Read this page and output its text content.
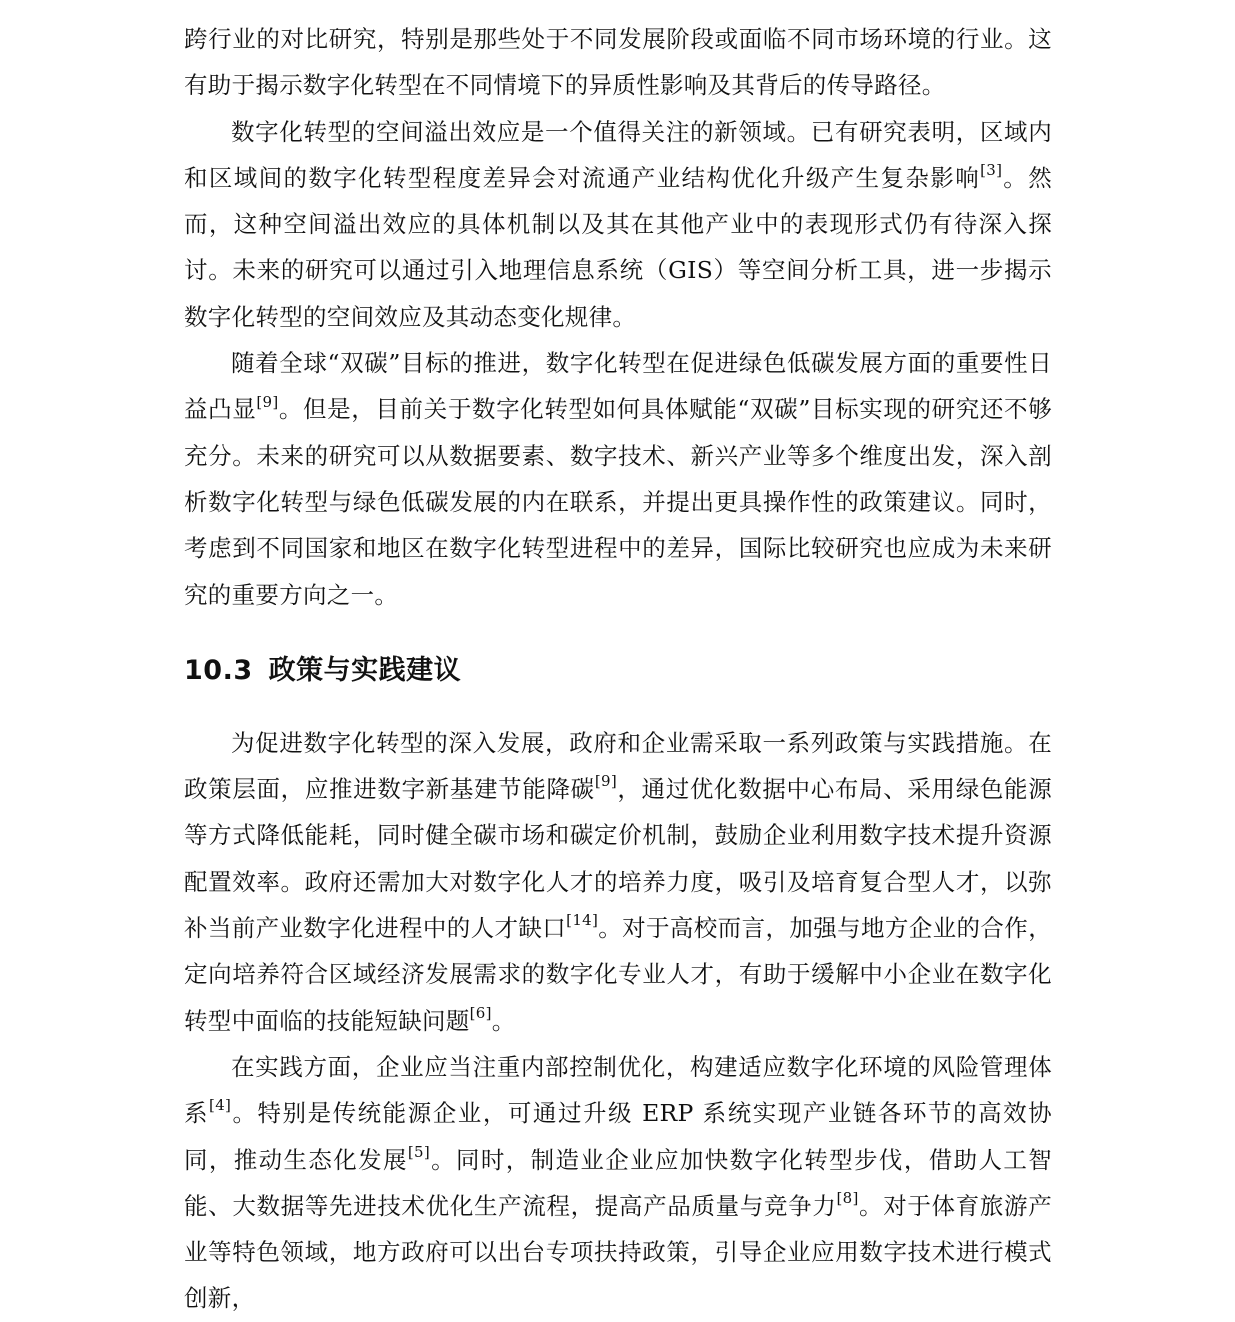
跨行业的对比研究，特别是那些处于不同发展阶段或面临不同市场环境的行业。这有助于揭示数字化转型在不同情境下的异质性影响及其背后的传导路径。

数字化转型的空间溢出效应是一个值得关注的新领域。已有研究表明，区域内和区域间的数字化转型程度差异会对流通产业结构优化升级产生复杂影响[3]。然而，这种空间溢出效应的具体机制以及其在其他产业中的表现形式仍有待深入探讨。未来的研究可以通过引入地理信息系统（GIS）等空间分析工具，进一步揭示数字化转型的空间效应及其动态变化规律。

随着全球“双碳”目标的推进，数字化转型在促进绿色低碳发展方面的重要性日益凸显[9]。但是，目前关于数字化转型如何具体赋能“双碳”目标实现的研究还不够充分。未来的研究可以从数据要素、数字技术、新兴产业等多个维度出发，深入剖析数字化转型与绿色低碳发展的内在联系，并提出更具操作性的政策建议。同时，考虑到不同国家和地区在数字化转型进程中的差异，国际比较研究也应成为未来研究的重要方向之一。

10.3 政策与实践建议

为促进数字化转型的深入发展，政府和企业需采取一系列政策与实践措施。在政策层面，应推进数字新基建节能降碳[9]，通过优化数据中心布局、采用绿色能源等方式降低能耗，同时健全碳市场和碳定价机制，鼓励企业利用数字技术提升资源配置效率。政府还需加大对数字化人才的培养力度，吸引及培育复合型人才，以弥补当前产业数字化进程中的人才缺口[14]。对于高校而言，加强与地方企业的合作，定向培养符合区域经济发展需求的数字化专业人才，有助于缓解中小企业在数字化转型中面临的技能短缺问题[6]。

在实践方面，企业应当注重内部控制优化，构建适应数字化环境的风险管理体系[4]。特别是传统能源企业，可通过升级 ERP 系统实现产业链各环节的高效协同，推动生态化发展[5]。同时，制造业企业应加快数字化转型步伐，借助人工智能、大数据等先进技术优化生产流程，提高产品质量与竞争力[8]。对于体育旅游产业等特色领域，地方政府可以出台专项扶持政策，引导企业应用数字技术进行模式创新，
